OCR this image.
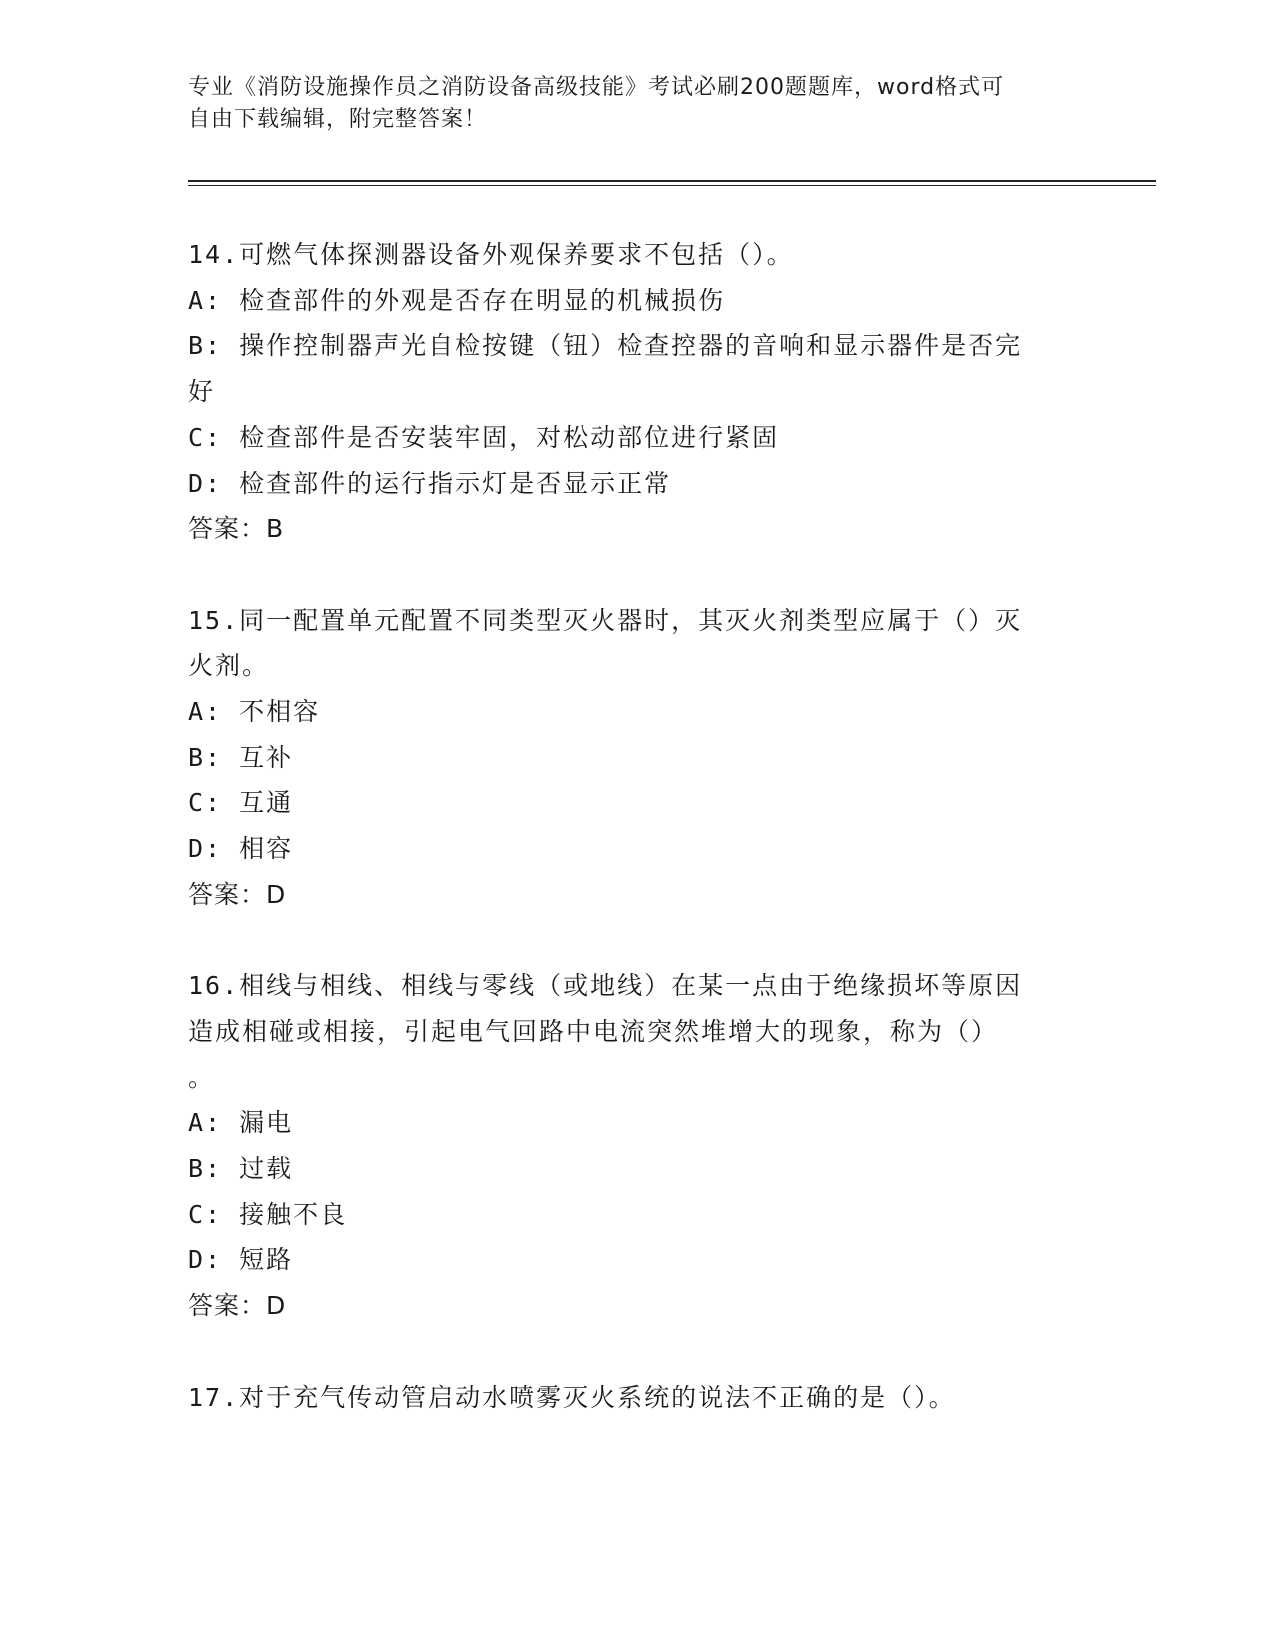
专业《消防设施操作员之消防设备高级技能》考试必刷200题题库，word格式可
自由下载编辑，附完整答案！
14.可燃气体探测器设备外观保养要求不包括（）。
A: 检查部件的外观是否存在明显的机械损伤
B: 操作控制器声光自检按键（钮）检查控器的音响和显示器件是否完
好
C: 检查部件是否安装牢固，对松动部位进行紧固
D: 检查部件的运行指示灯是否显示正常
答案：B
15.同一配置单元配置不同类型灭火器时，其灭火剂类型应属于（）灭
火剂。
A: 不相容
B: 互补
C: 互通
D: 相容
答案：D
16.相线与相线、相线与零线（或地线）在某一点由于绝缘损坏等原因
造成相碰或相接，引起电气回路中电流突然堆增大的现象，称为（）
。
A: 漏电
B: 过载
C: 接触不良
D: 短路
答案：D
17.对于充气传动管启动水喷雾灭火系统的说法不正确的是（）。
